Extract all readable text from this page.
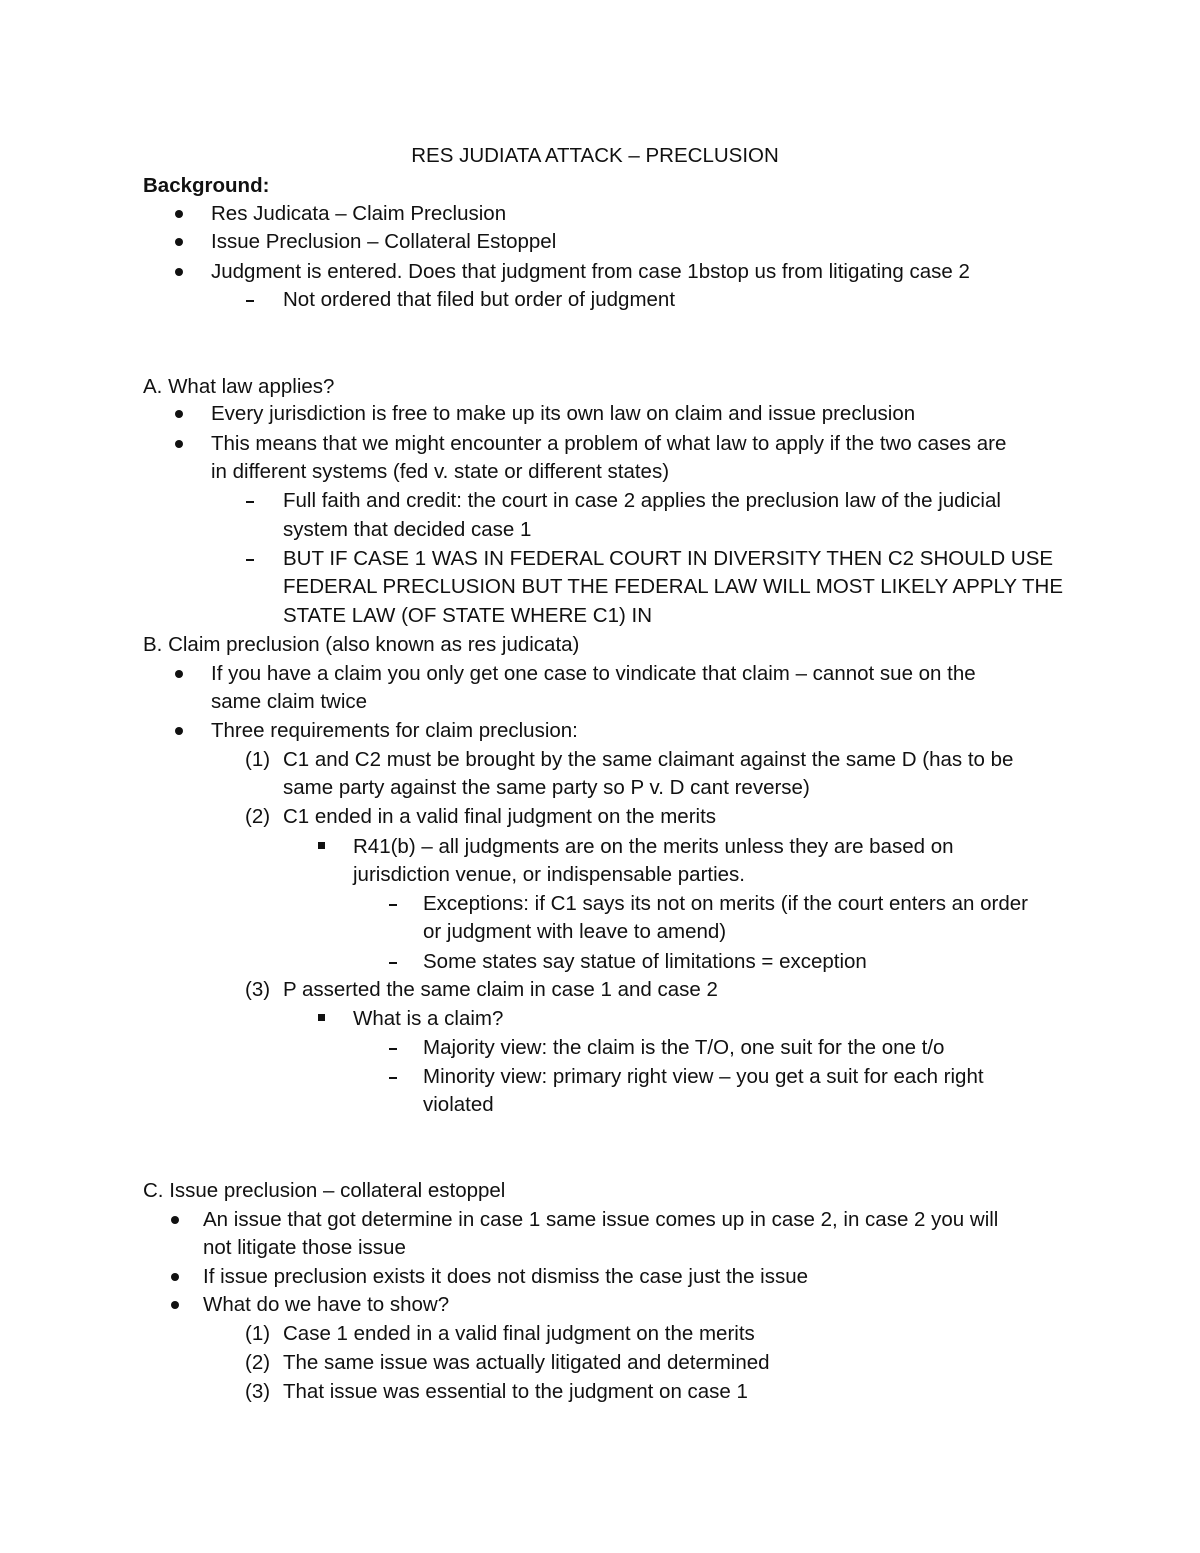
RES JUDIATA ATTACK – PRECLUSION
Background:
Res Judicata – Claim Preclusion
Issue Preclusion – Collateral Estoppel
Judgment is entered. Does that judgment from case 1bstop us from litigating case 2
Not ordered that filed but order of judgment
A. What law applies?
Every jurisdiction is free to make up its own law on claim and issue preclusion
This means that we might encounter a problem of what law to apply if the two cases are
in different systems (fed v. state or different states)
Full faith and credit: the court in case 2 applies the preclusion law of the judicial
system that decided case 1
BUT IF CASE 1 WAS IN FEDERAL COURT IN DIVERSITY THEN C2 SHOULD USE
FEDERAL PRECLUSION BUT THE FEDERAL LAW WILL MOST LIKELY APPLY THE
STATE LAW (OF STATE WHERE C1) IN
B. Claim preclusion (also known as res judicata)
If you have a claim you only get one case to vindicate that claim – cannot sue on the
same claim twice
Three requirements for claim preclusion:
(1) C1 and C2 must be brought by the same claimant against the same D (has to be
same party against the same party so P v. D cant reverse)
(2) C1 ended in a valid final judgment on the merits
R41(b) – all judgments are on the merits unless they are based on
jurisdiction venue, or indispensable parties.
Exceptions: if C1 says its not on merits (if the court enters an order
or judgment with leave to amend)
Some states say statue of limitations = exception
(3) P asserted the same claim in case 1 and case 2
What is a claim?
Majority view: the claim is the T/O, one suit for the one t/o
Minority view: primary right view – you get a suit for each right
violated
C. Issue preclusion – collateral estoppel
An issue that got determine in case 1 same issue comes up in case 2, in case 2 you will
not litigate those issue
If issue preclusion exists it does not dismiss the case just the issue
What do we have to show?
(1) Case 1 ended in a valid final judgment on the merits
(2) The same issue was actually litigated and determined
(3) That issue was essential to the judgment on case 1
